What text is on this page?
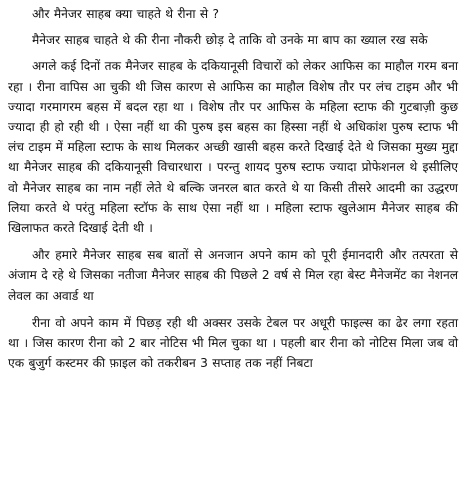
और मैनेजर साहब क्या चाहते थे रीना से ?

मैनेजर साहब चाहते थे की रीना नौकरी छोड़ दे ताकि वो उनके मा बाप का ख्याल रख सके

अगले कई दिनों तक मैनेजर साहब के दकियानूसी विचारों को लेकर आफिस का माहौल गरम बना रहा । रीना वापिस आ चुकी थी जिस कारण से आफिस का माहौल विशेष तौर पर लंच टाइम और भी ज्यादा गरमागरम बहस में बदल रहा था । विशेष तौर पर आफिस के महिला स्टाफ की गुटबाज़ी कुछ ज्यादा ही हो रही थी । ऐसा नहीं था की पुरुष इस बहस का हिस्सा नहीं थे अधिकांश पुरुष स्टाफ भी लंच टाइम में महिला स्टाफ के साथ मिलकर अच्छी खासी बहस करते दिखाई देते थे जिसका मुख्य मुद्दा था मैनेजर साहब की दकियानूसी विचारधारा । परन्तु शायद पुरुष स्टाफ ज्यादा प्रोफेशनल थे इसीलिए वो मैनेजर साहब का नाम नहीं लेते थे बल्कि जनरल बात करते थे या किसी तीसरे आदमी का उद्धरण लिया करते थे परंतु महिला स्टॉफ के साथ ऐसा नहीं था । महिला स्टाफ खुलेआम मैनेजर साहब की खिलाफत करते दिखाई देती थी ।

और हमारे मैनेजर साहब सब बातों से अनजान अपने काम को पूरी ईमानदारी और तत्परता से अंजाम दे रहे थे जिसका नतीजा मैनेजर साहब की पिछले 2 वर्ष से मिल रहा बेस्ट मैनेजमेंट का नेशनल लेवल का अवार्ड था

रीना वो अपने काम में पिछड़ रही थी अक्सर उसके टेबल पर अधूरी फाइल्स का ढेर लगा रहता था । जिस कारण रीना को 2 बार नोटिस भी मिल चुका था । पहली बार रीना को नोटिस मिला जब वो एक बुजुर्ग कस्टमर की फ़ाइल को तकरीबन 3 सप्ताह तक नहीं निबटा
